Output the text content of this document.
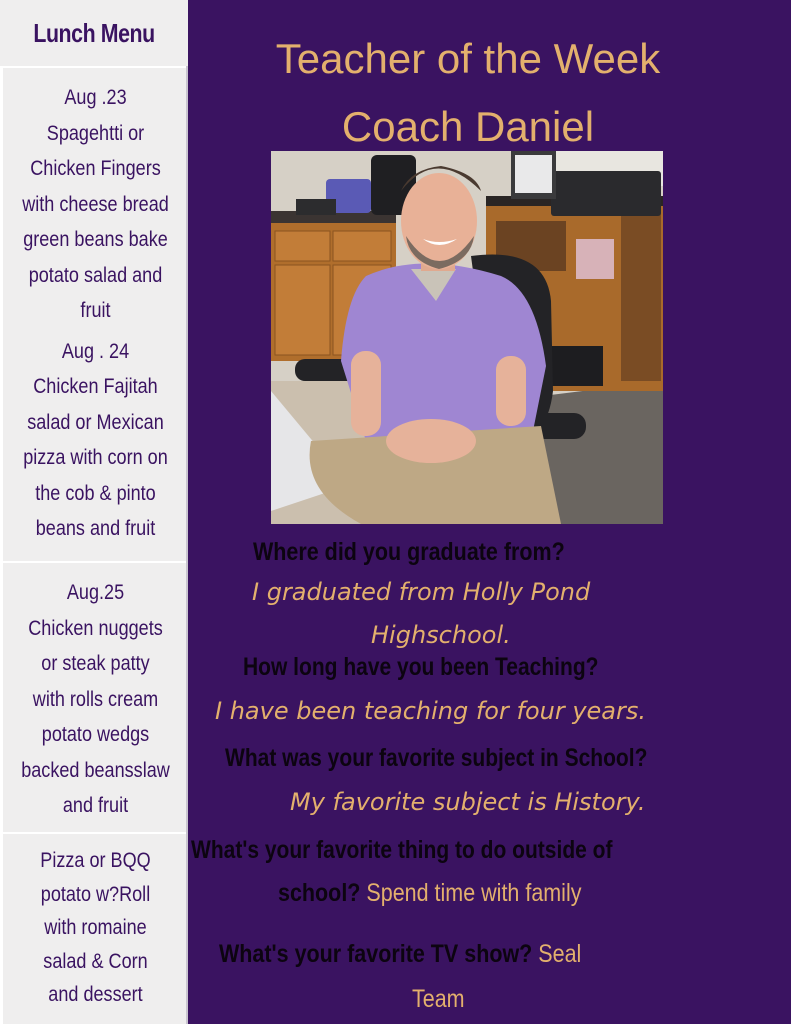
Lunch Menu
Aug .23
Spagehtti or
Chicken Fingers
with cheese bread
green beans bake
potato salad and
fruit
Aug . 24
Chicken Fajitah
salad or Mexican
pizza with corn on
the cob & pinto
beans and fruit
Aug.25
Chicken nuggets
or steak patty
with rolls cream
potato wedgs
backed beansslaw
and fruit
Pizza or BQQ
potato w?Roll
with romaine
salad & Corn
and dessert
Teacher of the Week
Coach Daniel
Where did you graduate from?
I graduated from Holly Pond
Highschool.
How long have you been Teaching?
I have been teaching for four years.
What was your favorite subject in School?
My favorite subject is History.
What's your favorite thing to do outside of
school? Spend time with family
What's your favorite TV show? Seal
Team
